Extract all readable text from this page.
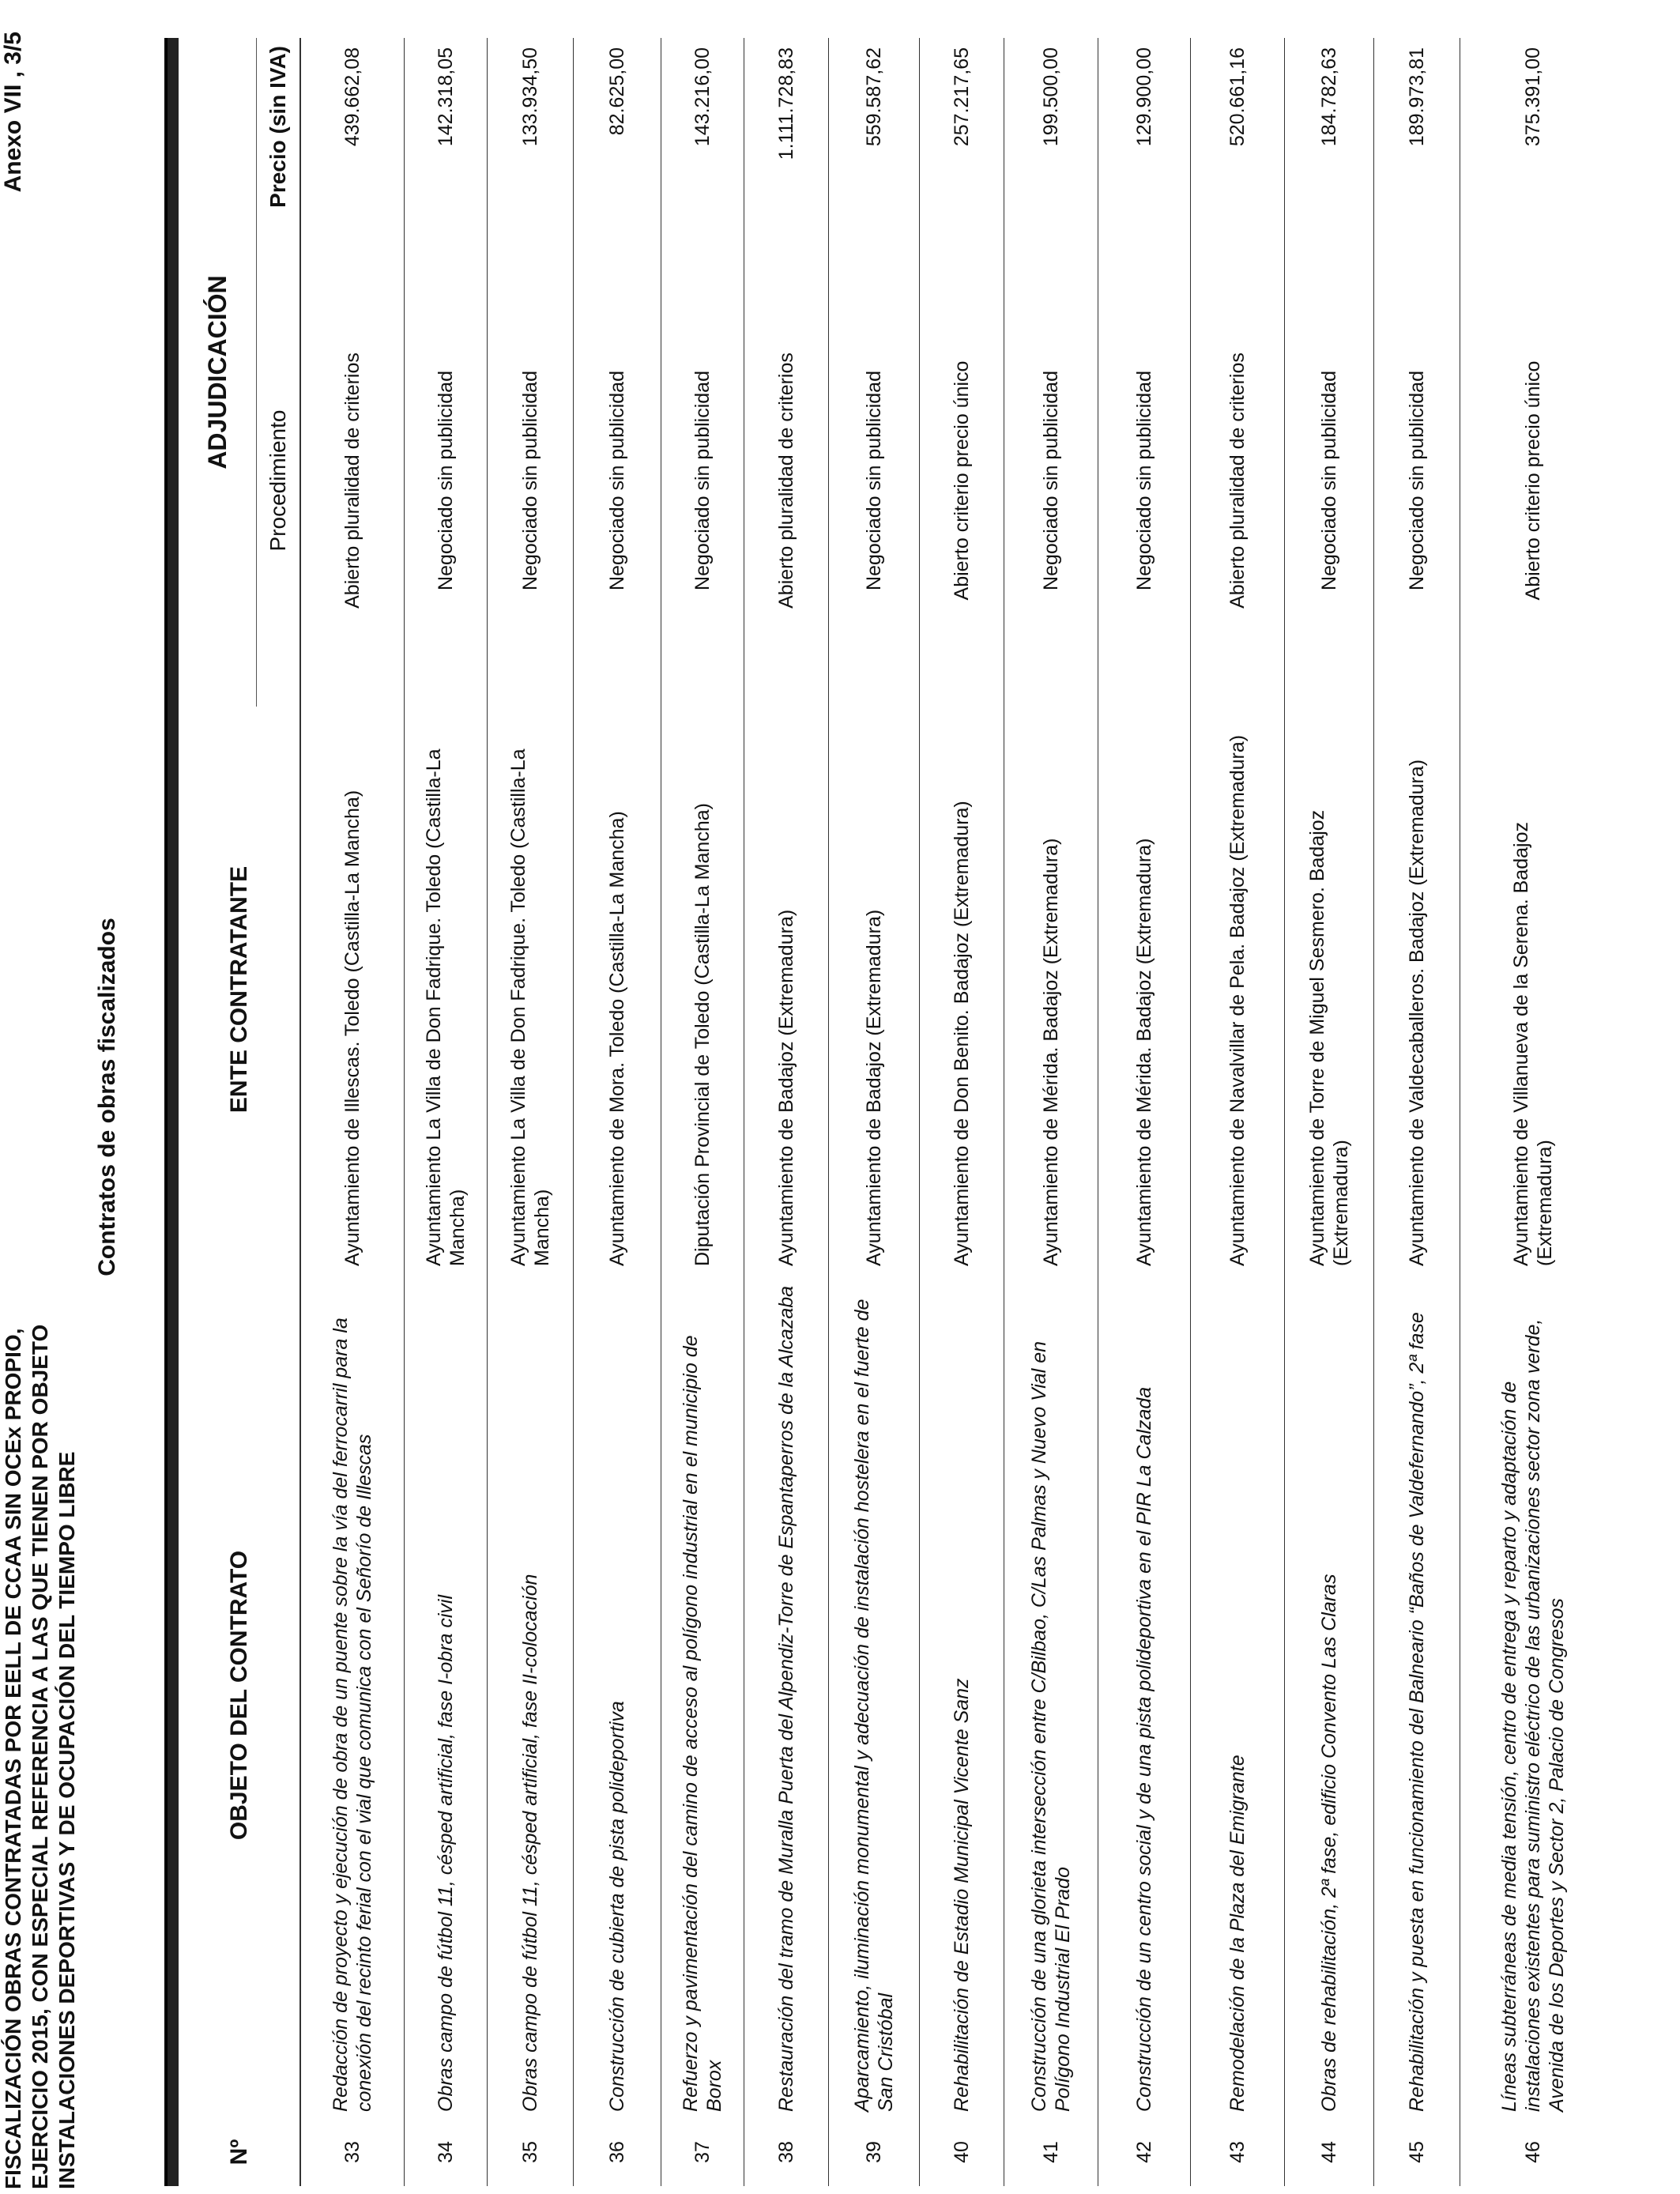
FISCALIZACIÓN OBRAS CONTRATADAS POR EELL DE CCAA SIN OCEx PROPIO, EJERCICIO 2015, CON ESPECIAL REFERENCIA A LAS QUE TIENEN POR OBJETO INSTALACIONES DEPORTIVAS Y DE OCUPACIÓN DEL TIEMPO LIBRE
Anexo VII , 3/5
Contratos de obras fiscalizados

Nº	OBJETO DEL CONTRATO	ENTE CONTRATANTE	ADJUDICACIÓN	
			Procedimiento	Precio (sin IVA)

33	Redacción de proyecto y ejecución de obra de un puente sobre la vía del ferrocarril para la conexión del recinto ferial con el vial que comunica con el Señorío de Illescas	Ayuntamiento de Illescas. Toledo (Castilla-La Mancha)	Abierto pluralidad de criterios	439.662,08
34	Obras campo de fútbol 11, césped artificial, fase I-obra civil	Ayuntamiento La Villa de Don Fadrique. Toledo (Castilla-La Mancha)	Negociado sin publicidad	142.318,05
35	Obras campo de fútbol 11, césped artificial, fase II-colocación	Ayuntamiento La Villa de Don Fadrique. Toledo (Castilla-La Mancha)	Negociado sin publicidad	133.934,50
36	Construcción de cubierta de pista polideportiva	Ayuntamiento de Mora. Toledo (Castilla-La Mancha)	Negociado sin publicidad	82.625,00
37	Refuerzo y pavimentación del camino de acceso al polígono industrial en el municipio de Borox	Diputación Provincial de Toledo (Castilla-La Mancha)	Negociado sin publicidad	143.216,00
38	Restauración del tramo de Muralla Puerta del Alpendiz-Torre de Espantaperros de la Alcazaba	Ayuntamiento de Badajoz (Extremadura)	Abierto pluralidad de criterios	1.111.728,83
39	Aparcamiento, iluminación monumental y adecuación de instalación hostelera en el fuerte de San Cristóbal	Ayuntamiento de Badajoz (Extremadura)	Negociado sin publicidad	559.587,62
40	Rehabilitación de Estadio Municipal Vicente Sanz	Ayuntamiento de Don Benito. Badajoz (Extremadura)	Abierto criterio precio único	257.217,65
41	Construcción de una glorieta intersección entre C/Bilbao, C/Las Palmas y Nuevo Vial en Polígono Industrial El Prado	Ayuntamiento de Mérida. Badajoz (Extremadura)	Negociado sin publicidad	199.500,00
42	Construcción de un centro social y de una pista polideportiva en el PIR La Calzada	Ayuntamiento de Mérida. Badajoz (Extremadura)	Negociado sin publicidad	129.900,00
43	Remodelación de la Plaza del Emigrante	Ayuntamiento de Navalvillar de Pela. Badajoz (Extremadura)	Abierto pluralidad de criterios	520.661,16
44	Obras de rehabilitación, 2ª fase, edificio Convento Las Claras	Ayuntamiento de Torre de Miguel Sesmero. Badajoz (Extremadura)	Negociado sin publicidad	184.782,63
45	Rehabilitación y puesta en funcionamiento del Balneario “Baños de Valdefernando”, 2ª fase	Ayuntamiento de Valdecaballeros. Badajoz (Extremadura)	Negociado sin publicidad	189.973,81
46	Líneas subterráneas de media tensión, centro de entrega y reparto y adaptación de instalaciones existentes para suministro eléctrico de las urbanizaciones sector zona verde, Avenida de los Deportes y Sector 2, Palacio de Congresos	Ayuntamiento de Villanueva de la Serena. Badajoz (Extremadura)	Abierto criterio precio único	375.391,00
